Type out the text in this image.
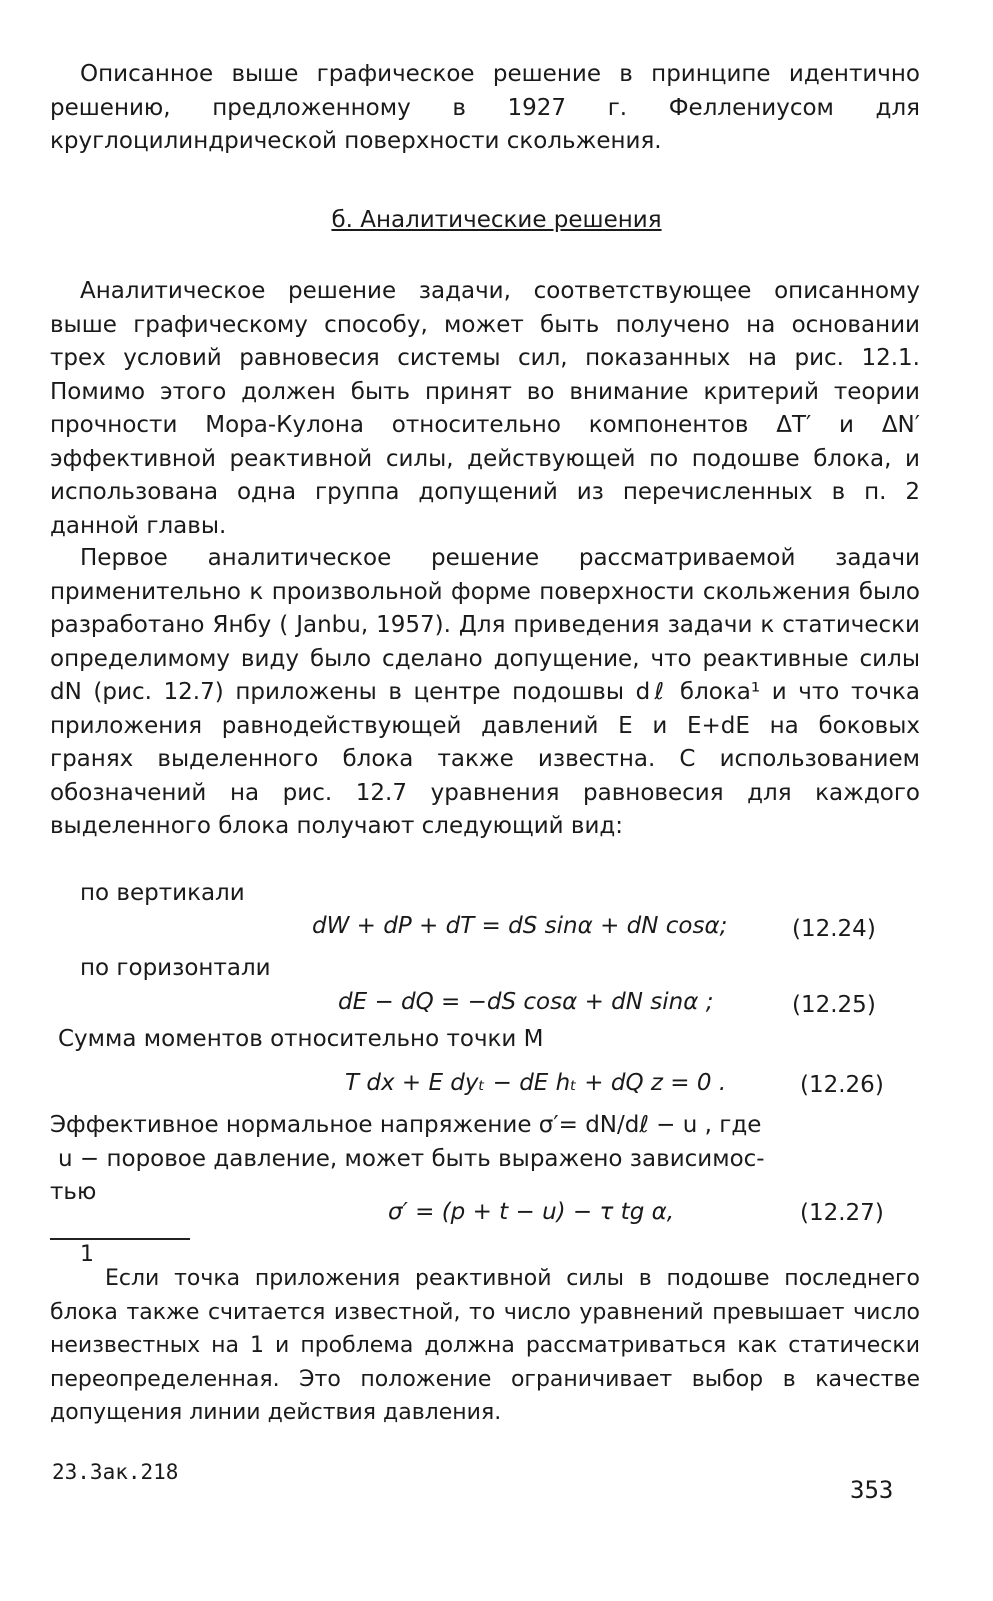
Описанное выше графическое решение в принципе идентично решению, предложенному в 1927 г. Феллениусом для круглоцилиндрической поверхности скольжения.

б. Аналитические решения

Аналитическое решение задачи, соответствующее описанному выше графическому способу, может быть получено на основании трех условий равновесия системы сил, показанных на рис. 12.1. Помимо этого должен быть принят во внимание критерий теории прочности Мора-Кулона относительно компонентов ΔT′ и ΔN′ эффективной реактивной силы, действующей по подошве блока, и использована одна группа допущений из перечисленных в п. 2 данной главы.

Первое аналитическое решение рассматриваемой задачи применительно к произвольной форме поверхности скольжения было разработано Янбу ( Janbu, 1957). Для приведения задачи к статически определимому виду было сделано допущение, что реактивные силы dN (рис. 12.7) приложены в центре подошвы dℓ блока¹ и что точка приложения равнодействующей давлений E и E+dE на боковых гранях выделенного блока также известна. С использованием обозначений на рис. 12.7 уравнения равновесия для каждого выделенного блока получают следующий вид:

по вертикали
dW + dP + dT = dS sinα + dN cosα;	(12.24)
по горизонтали
dE − dQ = −dS cosα + dN sinα ;	(12.25)
Сумма моментов относительно точки M
T dx + E dyₜ − dE hₜ + dQ z = 0 .	(12.26)
Эффективное нормальное напряжение σ′= dN/dℓ − u , где
u − поровое давление, может быть выражено зависимос-
тью
σ′ = (p + t − u) − τ tg α,	(12.27)
1
Если точка приложения реактивной силы в подошве последнего блока также считается известной, то число уравнений превышает число неизвестных на 1 и проблема должна рассматриваться как статически переопределенная. Это положение ограничивает выбор в качестве допущения линии действия давления.
23.Зак.218
353
